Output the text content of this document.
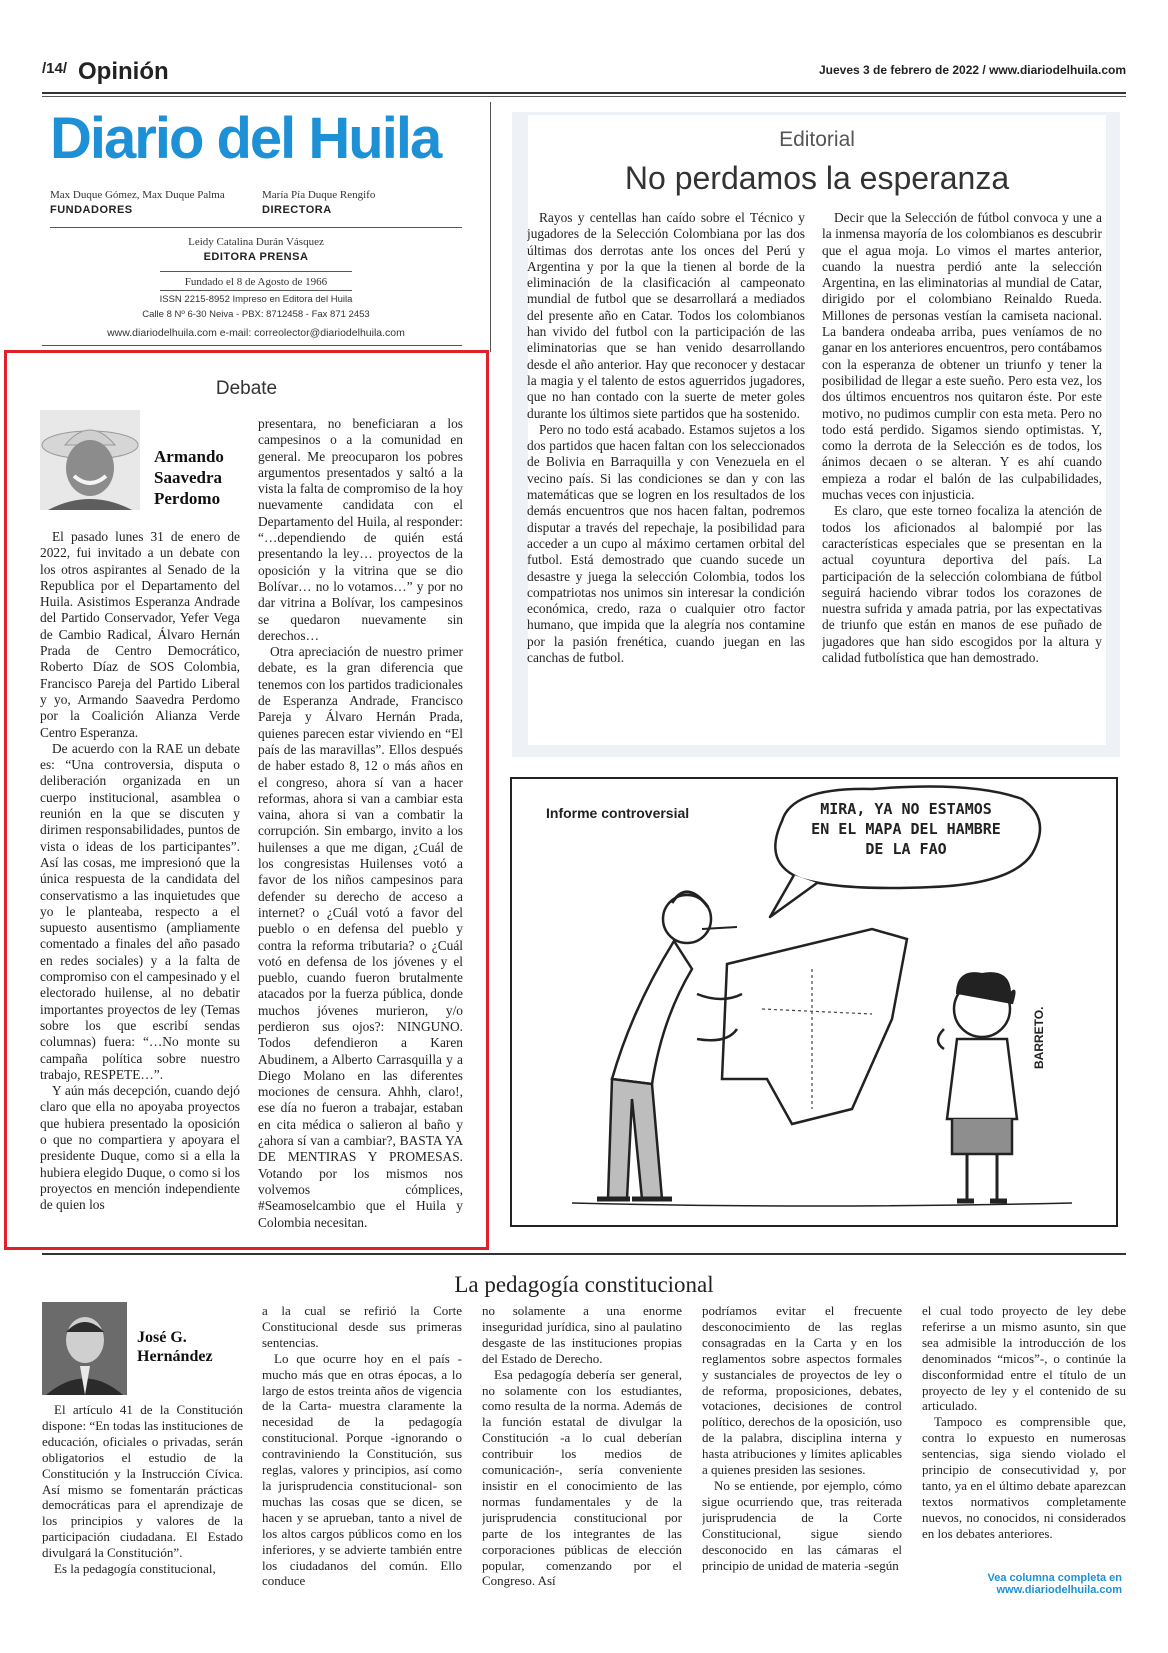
/14/ Opinión	Jueves 3 de febrero de 2022 / www.diariodelhuila.com
Diario del Huila
Max Duque Gómez, Max Duque Palma
FUNDADORES
María Pía Duque Rengifo
DIRECTORA
Leidy Catalina Durán Vásquez
EDITORA PRENSA
Fundado el 8 de Agosto de 1966
ISSN 2215-8952 Impreso en Editora del Huila
Calle 8 Nº 6-30 Neiva - PBX: 8712458 - Fax 871 2453
www.diariodelhuila.com e-mail: correolector@diariodelhuila.com
Debate
Armando Saavedra Perdomo

El pasado lunes 31 de enero de 2022, fui invitado a un debate con los otros aspirantes al Senado de la Republica por el Departamento del Huila. Asistimos Esperanza Andrade del Partido Conservador, Yefer Vega de Cambio Radical, Álvaro Hernán Prada de Centro Democrático, Roberto Díaz de SOS Colombia, Francisco Pareja del Partido Liberal y yo, Armando Saavedra Perdomo por la Coalición Alianza Verde Centro Esperanza.

De acuerdo con la RAE un debate es: “Una controversia, disputa o deliberación organizada en un cuerpo institucional, asamblea o reunión en la que se discuten y dirimen responsabilidades, puntos de vista o ideas de los participantes”. Así las cosas, me impresionó que la única respuesta de la candidata del conservatismo a las inquietudes que yo le planteaba, respecto a el supuesto ausentismo (ampliamente comentado a finales del año pasado en redes sociales) y a la falta de compromiso con el campesinado y el electorado huilense, al no debatir importantes proyectos de ley (Temas sobre los que escribí sendas columnas) fuera: “…No monte su campaña política sobre nuestro trabajo, RESPETE…”.

Y aún más decepción, cuando dejó claro que ella no apoyaba proyectos que hubiera presentado la oposición o que no compartiera y apoyara el presidente Duque, como si a ella la hubiera elegido Duque, o como si los proyectos en mención independiente de quien los

presentara, no beneficiaran a los campesinos o a la comunidad en general. Me preocuparon los pobres argumentos presentados y saltó a la vista la falta de compromiso de la hoy nuevamente candidata con el Departamento del Huila, al responder: “…dependiendo de quién está presentando la ley… proyectos de la oposición y la vitrina que se dio Bolívar… no lo votamos…” y por no dar vitrina a Bolívar, los campesinos se quedaron nuevamente sin derechos…

Otra apreciación de nuestro primer debate, es la gran diferencia que tenemos con los partidos tradicionales de Esperanza Andrade, Francisco Pareja y Álvaro Hernán Prada, quienes parecen estar viviendo en “El país de las maravillas”. Ellos después de haber estado 8, 12 o más años en el congreso, ahora sí van a hacer reformas, ahora si van a cambiar esta vaina, ahora si van a combatir la corrupción. Sin embargo, invito a los huilenses a que me digan, ¿Cuál de los congresistas Huilenses votó a favor de los niños campesinos para defender su derecho de acceso a internet? o ¿Cuál votó a favor del pueblo o en defensa del pueblo y contra la reforma tributaria? o ¿Cuál votó en defensa de los jóvenes y el pueblo, cuando fueron brutalmente atacados por la fuerza pública, donde muchos jóvenes murieron, y/o perdieron sus ojos?: NINGUNO. Todos defendieron a Karen Abudinem, a Alberto Carrasquilla y a Diego Molano en las diferentes mociones de censura. Ahhh, claro!, ese día no fueron a trabajar, estaban en cita médica o salieron al baño y ¿ahora sí van a cambiar?, BASTA YA DE MENTIRAS Y PROMESAS. Votando por los mismos nos volvemos cómplices, #Seamoselcambio que el Huila y Colombia necesitan.

Editorial
No perdamos la esperanza

Rayos y centellas han caído sobre el Técnico y jugadores de la Selección Colombiana por las dos últimas dos derrotas ante los onces del Perú y Argentina y por la que la tienen al borde de la eliminación de la clasificación al campeonato mundial de futbol que se desarrollará a mediados del presente año en Catar. Todos los colombianos han vivido del futbol con la participación de las eliminatorias que se han venido desarrollando desde el año anterior. Hay que reconocer y destacar la magia y el talento de estos aguerridos jugadores, que no han contado con la suerte de meter goles durante los últimos siete partidos que ha sostenido.

Pero no todo está acabado. Estamos sujetos a los dos partidos que hacen faltan con los seleccionados de Bolivia en Barraquilla y con Venezuela en el vecino país. Si las condiciones se dan y con las matemáticas que se logren en los resultados de los demás encuentros que nos hacen faltan, podremos disputar a través del repechaje, la posibilidad para acceder a un cupo al máximo certamen orbital del futbol. Está demostrado que cuando sucede un desastre y juega la selección Colombia, todos los compatriotas nos unimos sin interesar la condición económica, credo, raza o cualquier otro factor humano, que impida que la alegría nos contamine por la pasión frenética, cuando juegan en las canchas de futbol.

Decir que la Selección de fútbol convoca y une a la inmensa mayoría de los colombianos es descubrir que el agua moja. Lo vimos el martes anterior, cuando la nuestra perdió ante la selección Argentina, en las eliminatorias al mundial de Catar, dirigido por el colombiano Reinaldo Rueda. Millones de personas vestían la camiseta nacional. La bandera ondeaba arriba, pues veníamos de no ganar en los anteriores encuentros, pero contábamos con la esperanza de obtener un triunfo y tener la posibilidad de llegar a este sueño. Pero esta vez, los dos últimos encuentros nos quitaron éste. Por este motivo, no pudimos cumplir con esta meta. Pero no todo está perdido. Sigamos siendo optimistas. Y, como la derrota de la Selección es de todos, los ánimos decaen o se alteran. Y es ahí cuando empieza a rodar el balón de las culpabilidades, muchas veces con injusticia.

Es claro, que este torneo focaliza la atención de todos los aficionados al balompié por las características especiales que se presentan en la actual coyuntura deportiva del país. La participación de la selección colombiana de fútbol seguirá haciendo vibrar todos los corazones de nuestra sufrida y amada patria, por las expectativas de triunfo que están en manos de ese puñado de jugadores que han sido escogidos por la altura y calidad futbolística que han demostrado.

Informe controversial	MIRA, YA NO ESTAMOS
EN EL MAPA DEL HAMBRE
DE LA FAO
BARRETO.
La pedagogía constitucional
José G. Hernández

El artículo 41 de la Constitución dispone: “En todas las instituciones de educación, oficiales o privadas, serán obligatorios el estudio de la Constitución y la Instrucción Cívica. Así mismo se fomentarán prácticas democráticas para el aprendizaje de los principios y valores de la participación ciudadana. El Estado divulgará la Constitución”.

Es la pedagogía constitucional,

a la cual se refirió la Corte Constitucional desde sus primeras sentencias.

Lo que ocurre hoy en el país -mucho más que en otras épocas, a lo largo de estos treinta años de vigencia de la Carta- muestra claramente la necesidad de la pedagogía constitucional. Porque -ignorando o contraviniendo la Constitución, sus reglas, valores y principios, así como la jurisprudencia constitucional- son muchas las cosas que se dicen, se hacen y se aprueban, tanto a nivel de los altos cargos públicos como en los inferiores, y se advierte también entre los ciudadanos del común. Ello conduce

no solamente a una enorme inseguridad jurídica, sino al paulatino desgaste de las instituciones propias del Estado de Derecho.

Esa pedagogía debería ser general, no solamente con los estudiantes, como resulta de la norma. Además de la función estatal de divulgar la Constitución -a lo cual deberían contribuir los medios de comunicación-, sería conveniente insistir en el conocimiento de las normas fundamentales y de la jurisprudencia constitucional por parte de los integrantes de las corporaciones públicas de elección popular, comenzando por el Congreso. Así

podríamos evitar el frecuente desconocimiento de las reglas consagradas en la Carta y en los reglamentos sobre aspectos formales y sustanciales de proyectos de ley o de reforma, proposiciones, debates, votaciones, decisiones de control político, derechos de la oposición, uso de la palabra, disciplina interna y hasta atribuciones y límites aplicables a quienes presiden las sesiones.

No se entiende, por ejemplo, cómo sigue ocurriendo que, tras reiterada jurisprudencia de la Corte Constitucional, sigue siendo desconocido en las cámaras el principio de unidad de materia -según

el cual todo proyecto de ley debe referirse a un mismo asunto, sin que sea admisible la introducción de los denominados “micos”-, o continúe la disconformidad entre el título de un proyecto de ley y el contenido de su articulado.

Tampoco es comprensible que, contra lo expuesto en numerosas sentencias, siga siendo violado el principio de consecutividad y, por tanto, ya en el último debate aparezcan textos normativos completamente nuevos, no conocidos, ni considerados en los debates anteriores.

Vea columna completa en
www.diariodelhuila.com
